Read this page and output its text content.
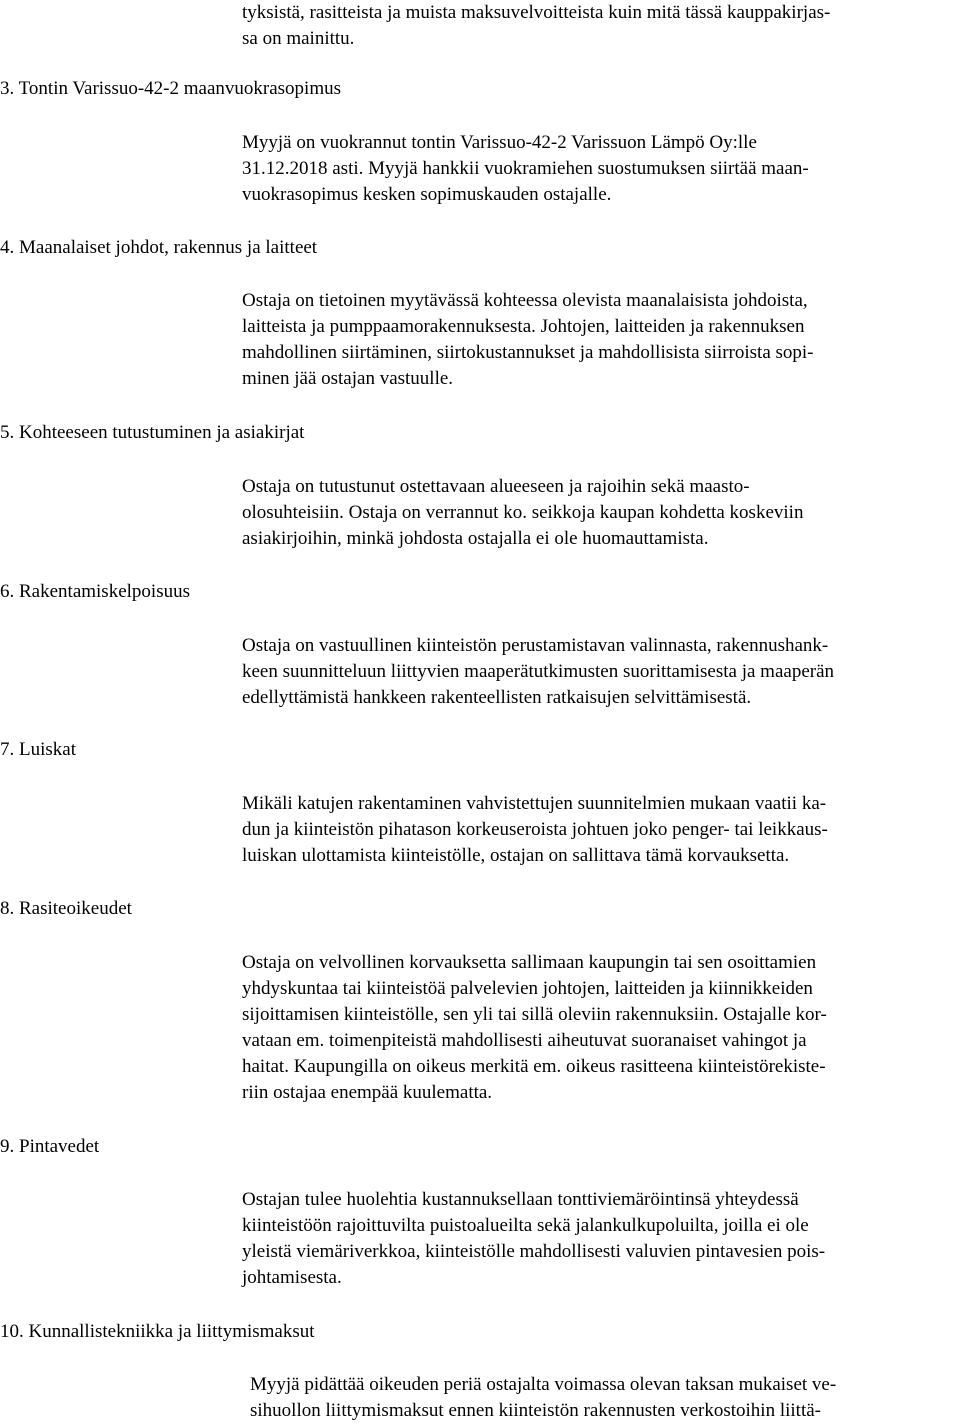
tyksistä, rasitteista ja muista maksuvelvoitteista kuin mitä tässä kauppakirjas-
sa on mainittu.
3. Tontin Varissuo-42-2 maanvuokrasopimus
Myyjä on vuokrannut tontin Varissuo-42-2 Varissuon Lämpö Oy:lle
31.12.2018 asti. Myyjä hankkii vuokramiehen suostumuksen siirtää maan-
vuokrasopimus kesken sopimuskauden ostajalle.
4. Maanalaiset johdot, rakennus ja laitteet
Ostaja on tietoinen myytävässä kohteessa olevista maanalaisista johdoista,
laitteista ja pumppaamorakennuksesta. Johtojen, laitteiden ja rakennuksen
mahdollinen siirtäminen, siirtokustannukset ja mahdollisista siirroista sopi-
minen jää ostajan vastuulle.
5. Kohteeseen tutustuminen ja asiakirjat
Ostaja on tutustunut ostettavaan alueeseen ja rajoihin sekä maasto-
olosuhteisiin. Ostaja on verrannut ko. seikkoja kaupan kohdetta koskeviin
asiakirjoihin, minkä johdosta ostajalla ei ole huomauttamista.
6. Rakentamiskelpoisuus
Ostaja on vastuullinen kiinteistön perustamistavan valinnasta, rakennushank-
keen suunnitteluun liittyvien maaperätutkimusten suorittamisesta ja maaperän
edellyttämistä hankkeen rakenteellisten ratkaisujen selvittämisestä.
7. Luiskat
Mikäli katujen rakentaminen vahvistettujen suunnitelmien mukaan vaatii ka-
dun ja kiinteistön pihatason korkeuseroista johtuen joko penger- tai leikkaus-
luiskan ulottamista kiinteistölle, ostajan on sallittava tämä korvauksetta.
8. Rasiteoikeudet
Ostaja on velvollinen korvauksetta sallimaan kaupungin tai sen osoittamien
yhdyskuntaa tai kiinteistöä palvelevien johtojen, laitteiden ja kiinnikkeiden
sijoittamisen kiinteistölle, sen yli tai sillä oleviin rakennuksiin. Ostajalle kor-
vataan em. toimenpiteistä mahdollisesti aiheutuvat suoranaiset vahingot ja
haitat. Kaupungilla on oikeus merkitä em. oikeus rasitteena kiinteistörekiste-
riin ostajaa enempää kuulematta.
9. Pintavedet
Ostajan tulee huolehtia kustannuksellaan tonttiviemäröintinsä yhteydessä
kiinteistöön rajoittuvilta puistoalueilta sekä jalankulkupoluilta, joilla ei ole
yleistä viemäriverkkoa, kiinteistölle mahdollisesti valuvien pintavesien pois-
johtamisesta.
10. Kunnallistekniikka ja liittymismaksut
Myyjä pidättää oikeuden periä ostajalta voimassa olevan taksan mukaiset ve-
sihuollon liittymismaksut ennen kiinteistön rakennusten verkostoihin liittä-
